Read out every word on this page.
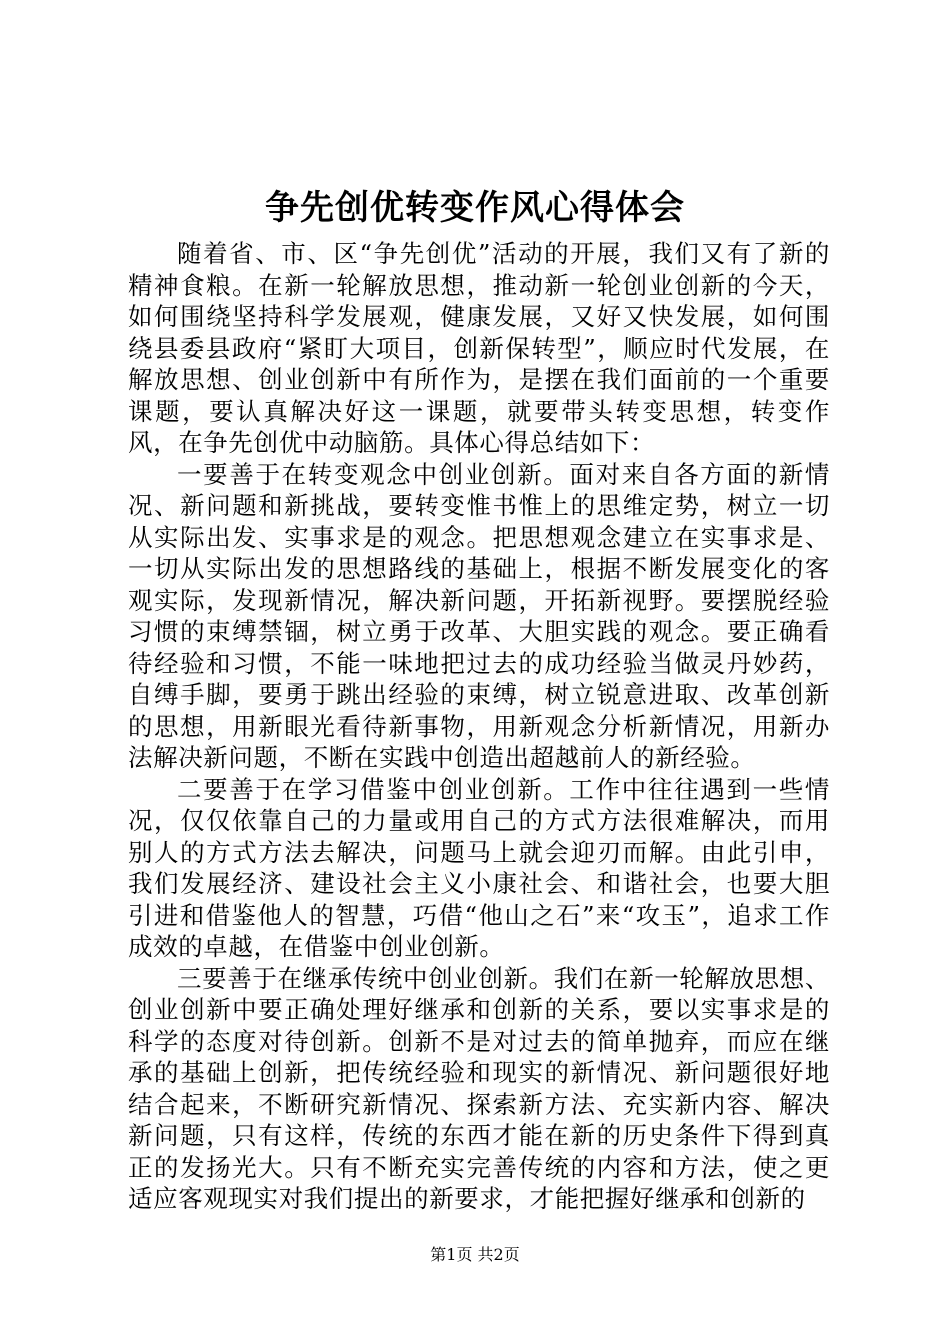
争先创优转变作风心得体会

随着省、市、区“争先创优”活动的开展，我们又有了新的精神食粮。在新一轮解放思想，推动新一轮创业创新的今天，如何围绕坚持科学发展观，健康发展，又好又快发展，如何围绕县委县政府“紧盯大项目，创新保转型”，顺应时代发展，在解放思想、创业创新中有所作为，是摆在我们面前的一个重要课题，要认真解决好这一课题，就要带头转变思想，转变作风，在争先创优中动脑筋。具体心得总结如下：

一要善于在转变观念中创业创新。面对来自各方面的新情况、新问题和新挑战，要转变惟书惟上的思维定势，树立一切从实际出发、实事求是的观念。把思想观念建立在实事求是、一切从实际出发的思想路线的基础上，根据不断发展变化的客观实际，发现新情况，解决新问题，开拓新视野。要摆脱经验习惯的束缚禁锢，树立勇于改革、大胆实践的观念。要正确看待经验和习惯，不能一味地把过去的成功经验当做灵丹妙药，自缚手脚，要勇于跳出经验的束缚，树立锐意进取、改革创新的思想，用新眼光看待新事物，用新观念分析新情况，用新办法解决新问题，不断在实践中创造出超越前人的新经验。

二要善于在学习借鉴中创业创新。工作中往往遇到一些情况，仅仅依靠自己的力量或用自己的方式方法很难解决，而用别人的方式方法去解决，问题马上就会迎刃而解。由此引申，我们发展经济、建设社会主义小康社会、和谐社会，也要大胆引进和借鉴他人的智慧，巧借“他山之石”来“攻玉”，追求工作成效的卓越，在借鉴中创业创新。

三要善于在继承传统中创业创新。我们在新一轮解放思想、创业创新中要正确处理好继承和创新的关系，要以实事求是的科学的态度对待创新。创新不是对过去的简单抛弃，而应在继承的基础上创新，把传统经验和现实的新情况、新问题很好地结合起来，不断研究新情况、探索新方法、充实新内容、解决新问题，只有这样，传统的东西才能在新的历史条件下得到真正的发扬光大。只有不断充实完善传统的内容和方法，使之更适应客观现实对我们提出的新要求，才能把握好继承和创新的

第1页 共2页
